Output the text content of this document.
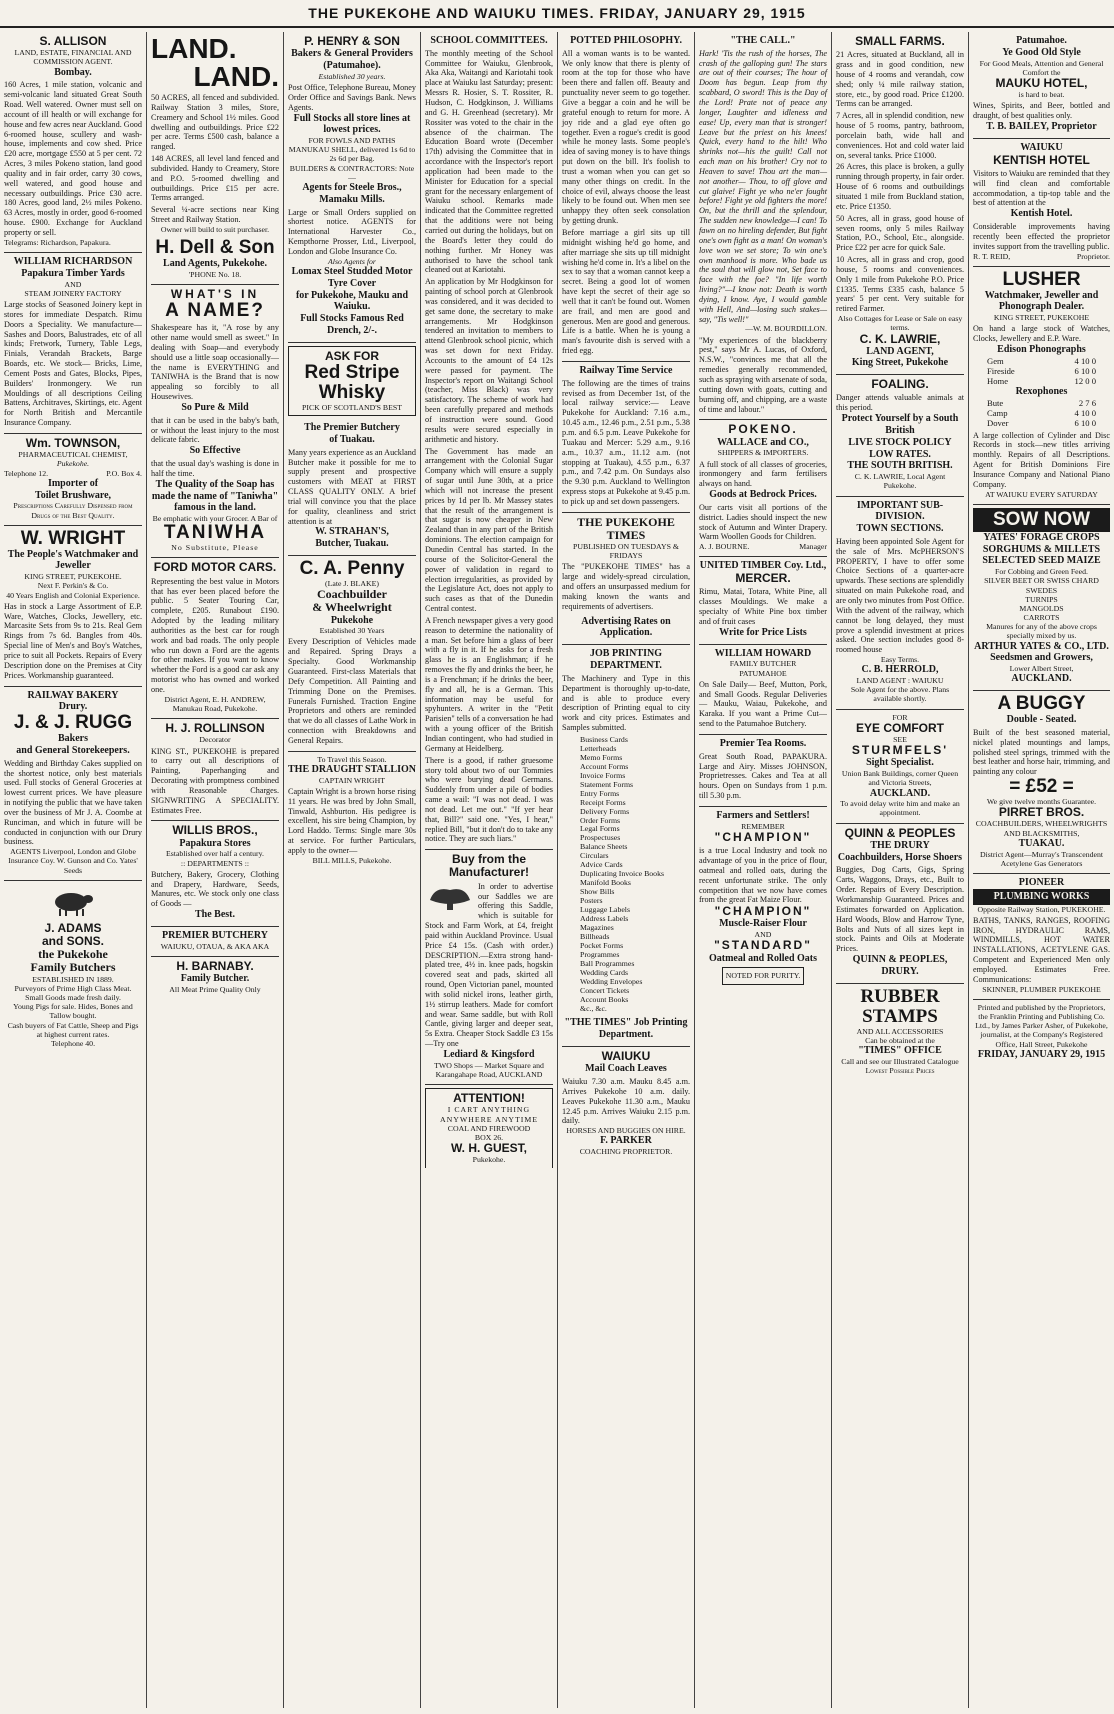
THE PUKEKOHE AND WAIUKU TIMES. FRIDAY, JANUARY 29, 1915
S. ALLISON
LAND, ESTATE, FINANCIAL AND COMMISSION AGENT.
Bombay.
160 Acres, 1 mile station, volcanic and semi-volcanic land situated Great South Road. Well watered. Owner must sell on account of ill health or will exchange for house and few acres near Auckland. Good 6-roomed house, scullery and wash-house, implements and cow shed. Price £20 acre, mortgage £550 at 5 per cent. 72 Acres, 3 miles Pokeno station, land good quality and in fair order, carry 30 cows, well watered, and good house and necessary outbuildings. Price £30 acre. 180 Acres, good land, 2½ miles Pokeno. 63 Acres, mostly in order, good 6-roomed house. £900. Exchange for Auckland property or sell.
Telegrams: Richardson, Papakura.
WILLIAM RICHARDSON
Papakura Timber Yards
AND
STEAM JOINERY FACTORY
Large stocks of Seasoned Joinery kept in stores for immediate Despatch. Rimu Doors a Speciality. We manufacture— Sashes and Doors, Balustrades, etc of all kinds; Fretwork, Turnery, Table Legs, Finials, Verandah Brackets, Barge Boards, etc. We stock— Bricks, Lime, Cement Posts and Gates, Blocks, Pipes, Builders' Ironmongery. We run Mouldings of all descriptions Ceiling Battens, Architraves, Skirtings, etc. Agent for North British and Mercantile Insurance Company.
Wm. TOWNSON,
PHARMACEUTICAL CHEMIST,
Pukekohe.
Telephone 12.	P.O. Box 4.
Importer of
Toilet Brushware,
Prescriptions Carefully Dispensed from Drugs of the Best Quality.
W. WRIGHT
The People's Watchmaker and Jeweller
KING STREET, PUKEKOHE.
Next F. Perkin's & Co.
40 Years English and Colonial Experience.
Has in stock a Large Assortment of E.P. Ware, Watches, Clocks, Jewellery, etc. Marcasite Sets from 9s to 21s. Real Gem Rings from 7s 6d. Bangles from 40s. Special line of Men's and Boy's Watches, price to suit all Pockets. Repairs of Every Description done on the Premises at City Prices. Workmanship guaranteed.
RAILWAY BAKERY
Drury.
J. & J. RUGG
Bakers
and General Storekeepers.
Wedding and Birthday Cakes supplied on the shortest notice, only best materials used. Full stocks of General Groceries at lowest current prices. We have pleasure in notifying the public that we have taken over the business of Mr J. A. Coombe at Runciman, and which in future will be conducted in conjunction with our Drury business.
AGENTS Liverpool, London and Globe Insurance Coy. W. Gunson and Co. Yates' Seeds
J. ADAMS
and SONS.
the Pukekohe
Family Butchers
ESTABLISHED IN 1889.
Purveyors of Prime High Class Meat.
Small Goods made fresh daily.
Young Pigs for sale. Hides, Bones and Tallow bought.
Cash buyers of Fat Cattle, Sheep and Pigs at highest current rates.
Telephone 40.
LAND.
LAND.
50 ACRES, all fenced and subdivided. Railway Station 3 miles, Store, Creamery and School 1½ miles. Good dwelling and outbuildings. Price £22 per acre. Terms £500 cash, balance a ranged.
148 ACRES, all level land fenced and subdivided. Handy to Creamery, Store and P.O. 5-roomed dwelling and outbuildings. Price £15 per acre. Terms arranged.
Several ¼-acre sections near King Street and Railway Station.
Owner will build to suit purchaser.
H. Dell & Son
Land Agents, Pukekohe.
'PHONE No. 18.
WHAT'S IN
A NAME?
Shakespeare has it, "A rose by any other name would smell as sweet." In dealing with Soap—and everybody should use a little soap occasionally— the name is EVERYTHING and TANIWHA is the Brand that is now appealing so forcibly to all Housewives.
So Pure & Mild
that it can be used in the baby's bath, or without the least injury to the most delicate fabric.
So Effective
that the usual day's washing is done in half the time.
The Quality of the Soap has made the name of "Taniwha" famous in the land.
Be emphatic with your Grocer. A Bar of
TANIWHA
No Substitute, Please
FORD MOTOR CARS.
Representing the best value in Motors that has ever been placed before the public. 5 Seater Touring Car, complete, £205. Runabout £190. Adopted by the leading military authorities as the best car for rough work and bad roads. The only people who run down a Ford are the agents for other makes. If you want to know whether the Ford is a good car ask any motorist who has owned and worked one.
District Agent, E. H. ANDREW, Manukau Road, Pukekohe.
H. J. ROLLINSON
Decorator
KING ST., PUKEKOHE is prepared to carry out all descriptions of Painting, Paperhanging and Decorating with promptness combined with Reasonable Charges. SIGNWRITING A SPECIALITY. Estimates Free.
WILLIS BROS.,
Papakura Stores
Established over half a century.
:: DEPARTMENTS ::
Butchery, Bakery, Grocery, Clothing and Drapery, Hardware, Seeds, Manures, etc. We stock only one class of Goods —
The Best.
PREMIER BUTCHERY
WAIUKU, OTAUA, & AKA AKA
H. BARNABY.
Family Butcher.
All Meat Prime Quality Only
P. HENRY & SON
Bakers & General Providers
(Patumahoe).
Established 30 years.
Post Office, Telephone Bureau, Money Order Office and Savings Bank. News Agents.
Full Stocks all store lines at lowest prices.
FOR FOWLS AND PATHS MANUKAU SHELL, delivered 1s 6d to 2s 6d per Bag.
BUILDERS & CONTRACTORS: Note—
Agents for Steele Bros., Mamaku Mills.
Large or Small Orders supplied on shortest notice. AGENTS for International Harvester Co., Kempthorne Prosser, Ltd., Liverpool, London and Globe Insurance Co.
Also Agents for
Lomax Steel Studded Motor Tyre Cover
for Pukekohe, Mauku and Waiuku.
Full Stocks Famous Red Drench, 2/-.
ASK FOR
Red Stripe
Whisky
PICK OF SCOTLAND'S BEST
The Premier Butchery
of Tuakau.
Many years experience as an Auckland Butcher make it possible for me to supply present and prospective customers with MEAT at FIRST CLASS QUALITY ONLY. A brief trial will convince you that the place for quality, cleanliness and strict attention is at
W. STRAHAN'S,
Butcher, Tuakau.
C. A. Penny
(Late J. BLAKE)
Coachbuilder
& Wheelwright
Pukekohe
Established 30 Years
Every Description of Vehicles made and Repaired. Spring Drays a Specialty. Good Workmanship Guaranteed. First-class Materials that Defy Competition. All Painting and Trimming Done on the Premises. Funerals Furnished. Traction Engine Proprietors and others are reminded that we do all classes of Lathe Work in connection with Breakdowns and General Repairs.
To Travel this Season.
THE DRAUGHT STALLION
CAPTAIN WRIGHT
Captain Wright is a brown horse rising 11 years. He was bred by John Small, Tinwald, Ashburton. His pedigree is excellent, his sire being Champion, by Lord Haddo. Terms: Single mare 30s at service. For further Particulars, apply to the owner—
BILL MILLS, Pukekohe.
SCHOOL COMMITTEES.
The monthly meeting of the School Committee for Waiuku, Glenbrook, Aka Aka, Waitangi and Kariotahi took place at Waiuku last Saturday; present: Messrs R. Hosier, S. T. Rossiter, R. Hudson, C. Hodgkinson, J. Williams and G. H. Greenhead (secretary). Mr Rossiter was voted to the chair in the absence of the chairman. The Education Board wrote (December 17th) advising the Committee that in accordance with the Inspector's report application had been made to the Minister for Education for a special grant for the necessary enlargement of Waiuku school. Remarks made indicated that the Committee regretted that the additions were not being carried out during the holidays, but on the Board's letter they could do nothing further. Mr Honey was authorised to have the school tank cleaned out at Kariotahi.
An application by Mr Hodgkinson for painting of school porch at Glenbrook was considered, and it was decided to get same done, the secretary to make arrangements. Mr Hodgkinson tendered an invitation to members to attend Glenbrook school picnic, which was set down for next Friday. Accounts to the amount of £4 12s were passed for payment. The Inspector's report on Waitangi School (teacher, Miss Black) was very satisfactory. The scheme of work had been carefully prepared and methods of instruction were sound. Good results were secured especially in arithmetic and history.
The Government has made an arrangement with the Colonial Sugar Company which will ensure a supply of sugar until June 30th, at a price which will not increase the present prices by 1d per lb. Mr Massey states that the result of the arrangement is that sugar is now cheaper in New Zealand than in any part of the British dominions. The election campaign for Dunedin Central has started. In the course of the Solicitor-General the power of validation in regard to election irregularities, as provided by the Legislature Act, does not apply to such cases as that of the Dunedin Central contest.
A French newspaper gives a very good reason to determine the nationality of a man. Set before him a glass of beer with a fly in it. If he asks for a fresh glass he is an Englishman; if he removes the fly and drinks the beer, he is a Frenchman; if he drinks the beer, fly and all, he is a German. This information may be useful for spyhunters. A writer in the "Petit Parisien" tells of a conversation he had with a young officer of the British Indian contingent, who had studied in Germany at Heidelberg.
There is a good, if rather gruesome story told about two of our Tommies who were burying dead Germans. Suddenly from under a pile of bodies came a wail: "I was not dead. I was not dead. Let me out." "If yer hear that, Bill?" said one. "Yes, I hear," replied Bill, "but it don't do to take any notice. They are such liars."
Buy from the Manufacturer!
In order to advertise our Saddles we are offering this Saddle, which is suitable for Stock and Farm Work, at £4, freight paid within Auckland Province. Usual Price £4 15s. (Cash with order.) DESCRIPTION.—Extra strong hand-plated tree, 4½ in. knee pads, hogskin covered seat and pads, skirted all round, Open Victorian panel, mounted with solid nickel irons, leather girth, 1½ stirrup leathers. Made for comfort and wear. Same saddle, but with Roll Cantle, giving larger and deeper seat, 5s Extra. Cheaper Stock Saddle £3 15s—Try one
Lediard & Kingsford
TWO Shops — Market Square and Karangahape Road, AUCKLAND
ATTENTION!
I CART ANYTHING ANYWHERE ANYTIME
COAL AND FIREWOOD
BOX 26.
W. H. GUEST,
Pukekohe.
POTTED PHILOSOPHY.
All a woman wants is to be wanted. We only know that there is plenty of room at the top for those who have been there and fallen off. Beauty and punctuality never seem to go together. Give a beggar a coin and he will be grateful enough to return for more. A joy ride and a glad eye often go together. Even a rogue's credit is good while he money lasts. Some people's idea of saving money is to have things put down on the bill. It's foolish to trust a woman when you can get so many other things on credit. In the choice of evil, always choose the least likely to be found out. When men see unhappy they often seek consolation by getting drunk.
Before marriage a girl sits up till midnight wishing he'd go home, and after marriage she sits up till midnight wishing he'd come in. It's a libel on the sex to say that a woman cannot keep a secret. Being a good lot of women have kept the secret of their age so well that it can't be found out. Women are frail, and men are good and generous. Men are good and generous. Life is a battle. When he is young a man's favourite dish is served with a fried egg.
Railway Time Service
The following are the times of trains revised as from December 1st, of the local railway service:— Leave Pukekohe for Auckland: 7.16 a.m., 10.45 a.m., 12.46 p.m., 2.51 p.m., 5.38 p.m. and 6.5 p.m. Leave Pukekohe for Tuakau and Mercer: 5.29 a.m., 9.16 a.m., 10.37 a.m., 11.12 a.m. (not stopping at Tuakau), 4.55 p.m., 6.37 p.m., and 7.42 p.m. On Sundays also the 9.30 p.m. Auckland to Wellington express stops at Pukekohe at 9.45 p.m. to pick up and set down passengers.
THE PUKEKOHE TIMES
PUBLISHED ON TUESDAYS & FRIDAYS
The "PUKEKOHE TIMES" has a large and widely-spread circulation, and offers an unsurpassed medium for making known the wants and requirements of advertisers.
Advertising Rates on Application.
JOB PRINTING DEPARTMENT.
The Machinery and Type in this Department is thoroughly up-to-date, and is able to produce every description of Printing equal to city work and city prices. Estimates and Samples submitted.
Business Cards
Letterheads
Memo Forms
Account Forms
Invoice Forms
Statement Forms
Entry Forms
Receipt Forms
Delivery Forms
Order Forms
Legal Forms
Prospectuses
Balance Sheets
Circulars
Advice Cards
Duplicating Invoice Books
Manifold Books
Show Bills
Posters
Luggage Labels
Address Labels
Magazines
Billheads
Pocket Forms
Programmes
Ball Programmes
Wedding Cards
Wedding Envelopes
Concert Tickets
Account Books
&c., &c.
"THE TIMES" Job Printing Department.
WAIUKU
Mail Coach Leaves
Waiuku 7.30 a.m. Mauku 8.45 a.m. Arrives Pukekohe 10 a.m. daily. Leaves Pukekohe 11.30 a.m., Mauku 12.45 p.m. Arrives Waiuku 2.15 p.m. daily.
HORSES AND BUGGIES ON HIRE.
F. PARKER
COACHING PROPRIETOR.
"THE CALL."
Hark! 'Tis the rush of the horses, The crash of the galloping gun! The stars are out of their courses; The hour of Doom has begun. Leap from thy scabbard, O sword! This is the Day of the Lord! Prate not of peace any longer, Laughter and idleness and ease! Up, every man that is stronger! Leave but the priest on his knees! Quick, every hand to the hilt! Who shrinks not—his the guilt! Call not each man on his brother! Cry not to Heaven to save! Thou art the man—not another— Thou, to off glove and cut glaive! Fight ye who ne'er fought before! Fight ye old fighters the more! On, but the thrill and the splendour, The sudden new knowledge—I can! To fawn on no hireling defender, But fight one's own fight as a man! On woman's love won we set store; To win one's own manhood is more. Who bade us the soul that will glow not, Set face to face with the foe? "In life worth living?"—I know not: Death is worth dying, I know. Aye, I would gamble with Hell, And—losing such stakes—say, "Tis well!"
—W. M. BOURDILLON.
"My experiences of the blackberry pest," says Mr A. Lucas, of Oxford, N.S.W., "convinces me that all the remedies generally recommended, such as spraying with arsenate of soda, cutting down with goats, cutting and burning off, and chipping, are a waste of time and labour."
POKENO.
WALLACE and CO.,
SHIPPERS & IMPORTERS.
A full stock of all classes of groceries, ironmongery and farm fertilisers always on hand.
Goods at Bedrock Prices.
Our carts visit all portions of the district. Ladies should inspect the new stock of Autumn and Winter Drapery. Warm Woollen Goods for Children.
A. J. BOURNE.	Manager
UNITED TIMBER Coy. Ltd.,
MERCER.
Rimu, Matai, Totara, White Pine, all classes Mouldings. We make a specialty of White Pine box timber and of fruit cases
Write for Price Lists
WILLIAM HOWARD
FAMILY BUTCHER
PATUMAHOE
On Sale Daily— Beef, Mutton, Pork, and Small Goods. Regular Deliveries — Mauku, Waiau, Pukekohe, and Karaka. If you want a Prime Cut—send to the Patumahoe Butchery.
Premier Tea Rooms.
Great South Road, PAPAKURA. Large and Airy. Misses JOHNSON, Proprietresses. Cakes and Tea at all hours. Open on Sundays from 1 p.m. till 5.30 p.m.
Farmers and Settlers!
REMEMBER
"CHAMPION"
is a true Local Industry and took no advantage of you in the price of flour, oatmeal and rolled oats, during the recent unfortunate strike. The only competition that we now have comes from the great Fat Maize Flour.
"CHAMPION"
Muscle-Raiser Flour
AND
"STANDARD"
Oatmeal and Rolled Oats
NOTED FOR PURITY.
SMALL FARMS.
21 Acres, situated at Buckland, all in grass and in good condition, new house of 4 rooms and verandah, cow shed; only ¼ mile railway station, store, etc., by good road. Price £1200. Terms can be arranged.
7 Acres, all in splendid condition, new house of 5 rooms, pantry, bathroom, porcelain bath, wide hall and conveniences. Hot and cold water laid on, several tanks. Price £1000.
26 Acres, this place is broken, a gully running through property, in fair order. House of 6 rooms and outbuildings situated 1 mile from Buckland station, etc. Price £1350.
50 Acres, all in grass, good house of seven rooms, only 5 miles Railway Station, P.O., School, Etc., alongside. Price £22 per acre for quick Sale.
10 Acres, all in grass and crop, good house, 5 rooms and conveniences. Only 1 mile from Pukekohe P.O. Price £1335. Terms £335 cash, balance 5 years' 5 per cent. Very suitable for retired Farmer.
Also Cottages for Lease or Sale on easy terms.
C. K. LAWRIE,
LAND AGENT,
King Street, Pukekohe
FOALING.
Danger attends valuable animals at this period.
Protect Yourself by a South British
LIVE STOCK POLICY
LOW RATES.
THE SOUTH BRITISH.
C. K. LAWRIE, Local Agent
Pukekohe.
IMPORTANT SUB-DIVISION.
TOWN SECTIONS.
Having been appointed Sole Agent for the sale of Mrs. McPHERSON'S PROPERTY, I have to offer some Choice Sections of a quarter-acre upwards. These sections are splendidly situated on main Pukekohe road, and are only two minutes from Post Office. With the advent of the railway, which cannot be long delayed, they must prove a splendid investment at prices asked. One section includes good 8-roomed house
Easy Terms.
C. B. HERROLD,
LAND AGENT : WAIUKU
Sole Agent for the above. Plans available shortly.
FOR
EYE COMFORT
SEE
STURMFELS'
Sight Specialist.
Union Bank Buildings, corner Queen and Victoria Streets,
AUCKLAND.
To avoid delay write him and make an appointment.
QUINN & PEOPLES
THE DRURY
Coachbuilders, Horse Shoers
Buggies, Dog Carts, Gigs, Spring Carts, Waggons, Drays, etc., Built to Order. Repairs of Every Description. Workmanship Guaranteed. Prices and Estimates forwarded on Application. Hard Woods, Blow and Harrow Tyne, Bolts and Nuts of all sizes kept in stock. Paints and Oils at Moderate Prices.
QUINN & PEOPLES, DRURY.
RUBBER
STAMPS
AND ALL ACCESSORIES
Can be obtained at the
"TIMES" OFFICE
Call and see our Illustrated Catalogue
Lowest Possible Prices
Patumahoe.
Ye Good Old Style
For Good Meals, Attention and General Comfort the
MAUKU HOTEL,
is hard to beat.
Wines, Spirits, and Beer, bottled and draught, of best qualities only.
T. B. BAILEY, Proprietor
WAIUKU
KENTISH HOTEL
Visitors to Waiuku are reminded that they will find clean and comfortable accommodation, a tip-top table and the best of attention at the
Kentish Hotel.
Considerable improvements having recently been effected the proprietor invites support from the travelling public.
R. T. REID,	Proprietor.
LUSHER
Watchmaker, Jeweller and Phonograph Dealer.
KING STREET, PUKEKOHE
On hand a large stock of Watches, Clocks, Jewellery and E.P. Ware.
Edison Phonographs
Gem	4 10 0
Fireside	6 10 0
Home	12 0 0
Rexophones
Bute	2 7 6
Camp	4 10 0
Dover	6 10 0
A large collection of Cylinder and Disc Records in stock—new titles arriving monthly. Repairs of all Descriptions. Agent for British Dominions Fire Insurance Company and National Piano Company.
AT WAIUKU EVERY SATURDAY
SOW NOW
YATES' FORAGE CROPS
SORGHUMS & MILLETS
SELECTED SEED MAIZE
For Cobbing and Green Feed.
SILVER BEET OR SWISS CHARD
SWEDES
TURNIPS
MANGOLDS
CARROTS
Manures for any of the above crops specially mixed by us.
ARTHUR YATES & CO., LTD.
Seedsmen and Growers,
Lower Albert Street,
AUCKLAND.
A BUGGY
Double - Seated.
Built of the best seasoned material, nickel plated mountings and lamps, polished steel springs, trimmed with the best leather and horse hair, trimming, and painting any colour
= £52 =
We give twelve months Guarantee.
PIRRET BROS.
COACHBUILDERS, WHEELWRIGHTS AND BLACKSMITHS,
TUAKAU.
District Agent—Murray's Transcendent Acetylene Gas Generators
PIONEER
PLUMBING WORKS
Opposite Railway Station, PUKEKOHE.
BATHS, TANKS, RANGES, ROOFING IRON, HYDRAULIC RAMS, WINDMILLS, HOT WATER INSTALLATIONS, ACETYLENE GAS. Competent and Experienced Men only employed. Estimates Free. Communications:
SKINNER, PLUMBER PUKEKOHE
Printed and published by the Proprietors, the Franklin Printing and Publishing Co. Ltd., by James Parker Asher, of Pukekohe, journalist, at the Company's Registered Office, Hall Street, Pukekohe
FRIDAY, JANUARY 29, 1915
